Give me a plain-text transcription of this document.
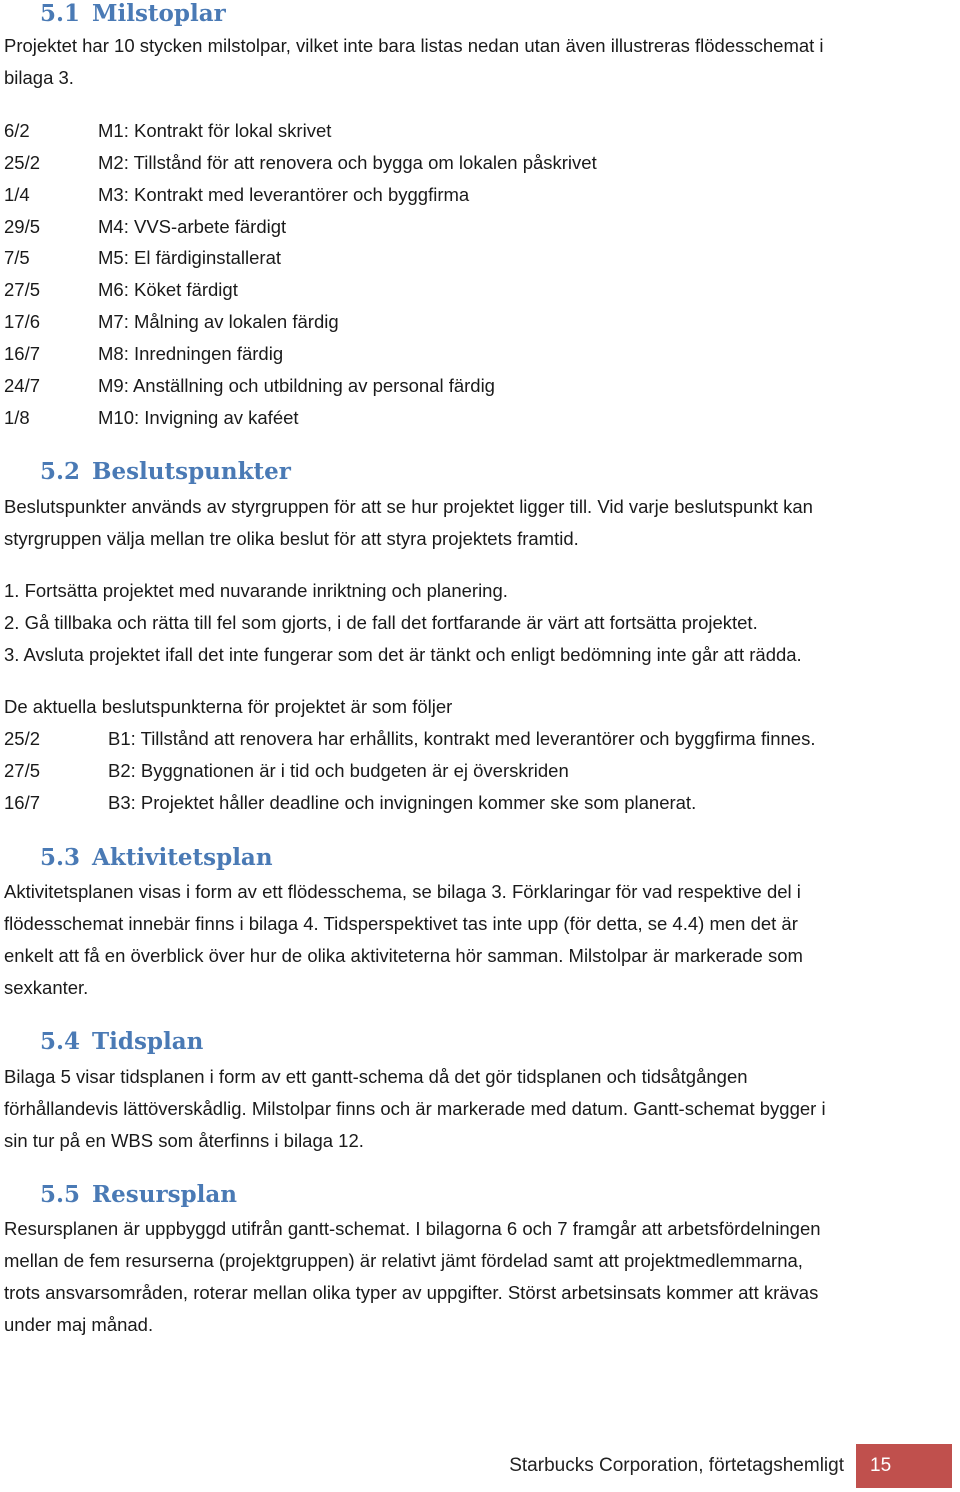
5.1 Milstoplar

Projektet har 10 stycken milstolpar, vilket inte bara listas nedan utan även illustreras flödesschemat i

bilaga 3.

6/2	M1: Kontrakt för lokal skrivet
25/2	M2: Tillstånd för att renovera och bygga om lokalen påskrivet
1/4	M3: Kontrakt med leverantörer och byggfirma
29/5	M4: VVS-arbete färdigt
7/5	M5: El färdiginstallerat
27/5	M6: Köket färdigt
17/6	M7: Målning av lokalen färdig
16/7	M8: Inredningen färdig
24/7	M9: Anställning och utbildning av personal färdig
1/8	M10: Invigning av kaféet
5.2 Beslutspunkter

Beslutspunkter används av styrgruppen för att se hur projektet ligger till. Vid varje beslutspunkt kan

styrgruppen välja mellan tre olika beslut för att styra projektets framtid.

1. Fortsätta projektet med nuvarande inriktning och planering.

2. Gå tillbaka och rätta till fel som gjorts, i de fall det fortfarande är värt att fortsätta projektet.

3. Avsluta projektet ifall det inte fungerar som det är tänkt och enligt bedömning inte går att rädda.

De aktuella beslutspunkterna för projektet är som följer

25/2	B1: Tillstånd att renovera har erhållits, kontrakt med leverantörer och byggfirma finnes.
27/5	B2: Byggnationen är i tid och budgeten är ej överskriden
16/7	B3: Projektet håller deadline och invigningen kommer ske som planerat.
5.3 Aktivitetsplan

Aktivitetsplanen visas i form av ett flödesschema, se bilaga 3. Förklaringar för vad respektive del i

flödesschemat innebär finns i bilaga 4. Tidsperspektivet tas inte upp (för detta, se 4.4) men det är

enkelt att få en överblick över hur de olika aktiviteterna hör samman. Milstolpar är markerade som

sexkanter.

5.4 Tidsplan

Bilaga 5 visar tidsplanen i form av ett gantt-schema då det gör tidsplanen och tidsåtgången

förhållandevis lättöverskådlig. Milstolpar finns och är markerade med datum. Gantt-schemat bygger i

sin tur på en WBS som återfinns i bilaga 12.

5.5 Resursplan

Resursplanen är uppbyggd utifrån gantt-schemat. I bilagorna 6 och 7 framgår att arbetsfördelningen

mellan de fem resurserna (projektgruppen) är relativt jämt fördelad samt att projektmedlemmarna,

trots ansvarsområden, roterar mellan olika typer av uppgifter. Störst arbetsinsats kommer att krävas

under maj månad.

Starbucks Corporation, förtetagshemligt	15
